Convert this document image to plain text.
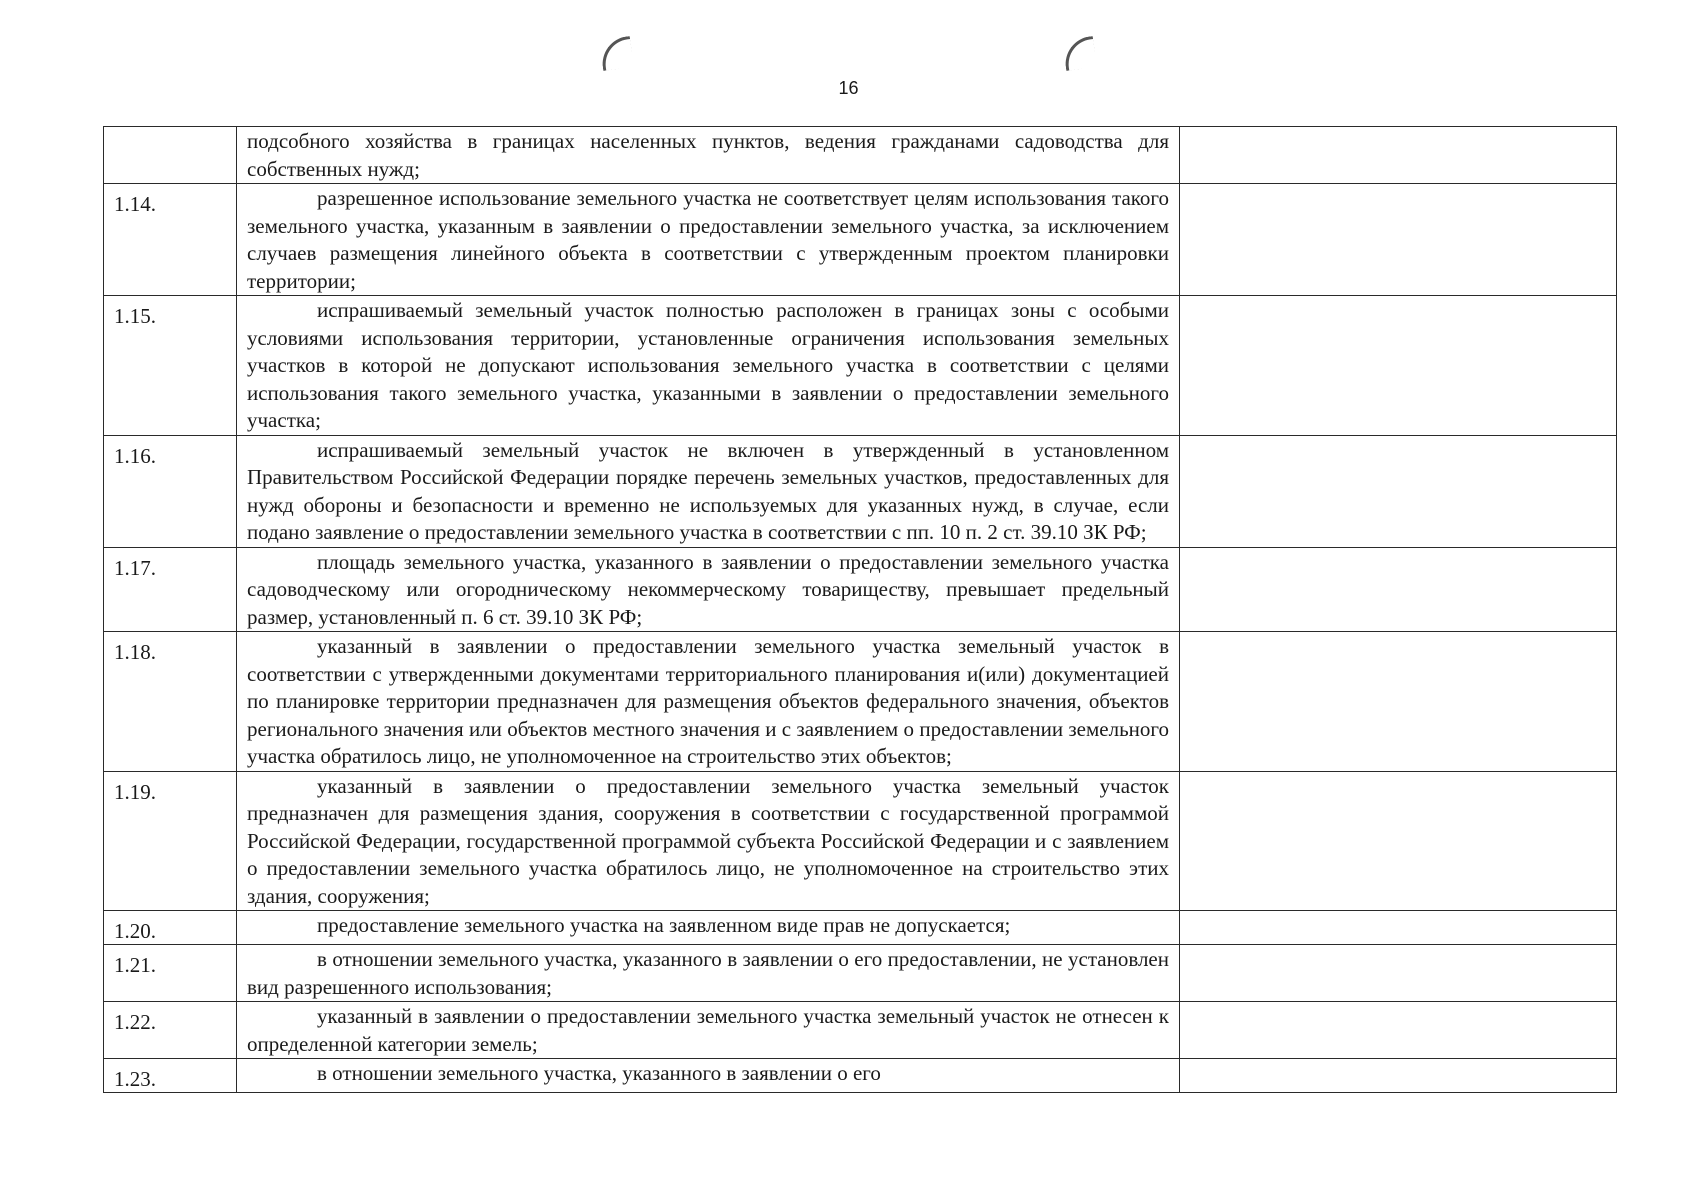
16
	подсобного хозяйства в границах населенных пунктов, ведения гражданами садоводства для собственных нужд;	
1.14.	разрешенное использование земельного участка не соответствует целям использования такого земельного участка, указанным в заявлении о предоставлении земельного участка, за исключением случаев размещения линейного объекта в соответствии с утвержденным проектом планировки территории;	
1.15.	испрашиваемый земельный участок полностью расположен в границах зоны с особыми условиями использования территории, установленные ограничения использования земельных участков в которой не допускают использования земельного участка в соответствии с целями использования такого земельного участка, указанными в заявлении о предоставлении земельного участка;	
1.16.	испрашиваемый земельный участок не включен в утвержденный в установленном Правительством Российской Федерации порядке перечень земельных участков, предоставленных для нужд обороны и безопасности и временно не используемых для указанных нужд, в случае, если подано заявление о предоставлении земельного участка в соответствии с пп. 10 п. 2 ст. 39.10 ЗК РФ;	
1.17.	площадь земельного участка, указанного в заявлении о предоставлении земельного участка садоводческому или огородническому некоммерческому товариществу, превышает предельный размер, установленный п. 6 ст. 39.10 ЗК РФ;	
1.18.	указанный в заявлении о предоставлении земельного участка земельный участок в соответствии с утвержденными документами территориального планирования и(или) документацией по планировке территории предназначен для размещения объектов федерального значения, объектов регионального значения или объектов местного значения и с заявлением о предоставлении земельного участка обратилось лицо, не уполномоченное на строительство этих объектов;	
1.19.	указанный в заявлении о предоставлении земельного участка земельный участок предназначен для размещения здания, сооружения в соответствии с государственной программой Российской Федерации, государственной программой субъекта Российской Федерации и с заявлением о предоставлении земельного участка обратилось лицо, не уполномоченное на строительство этих здания, сооружения;	
1.20.	предоставление земельного участка на заявленном виде прав не допускается;	
1.21.	в отношении земельного участка, указанного в заявлении о его предоставлении, не установлен вид разрешенного использования;	
1.22.	указанный в заявлении о предоставлении земельного участка земельный участок не отнесен к определенной категории земель;	
1.23.	в отношении земельного участка, указанного в заявлении о его	
